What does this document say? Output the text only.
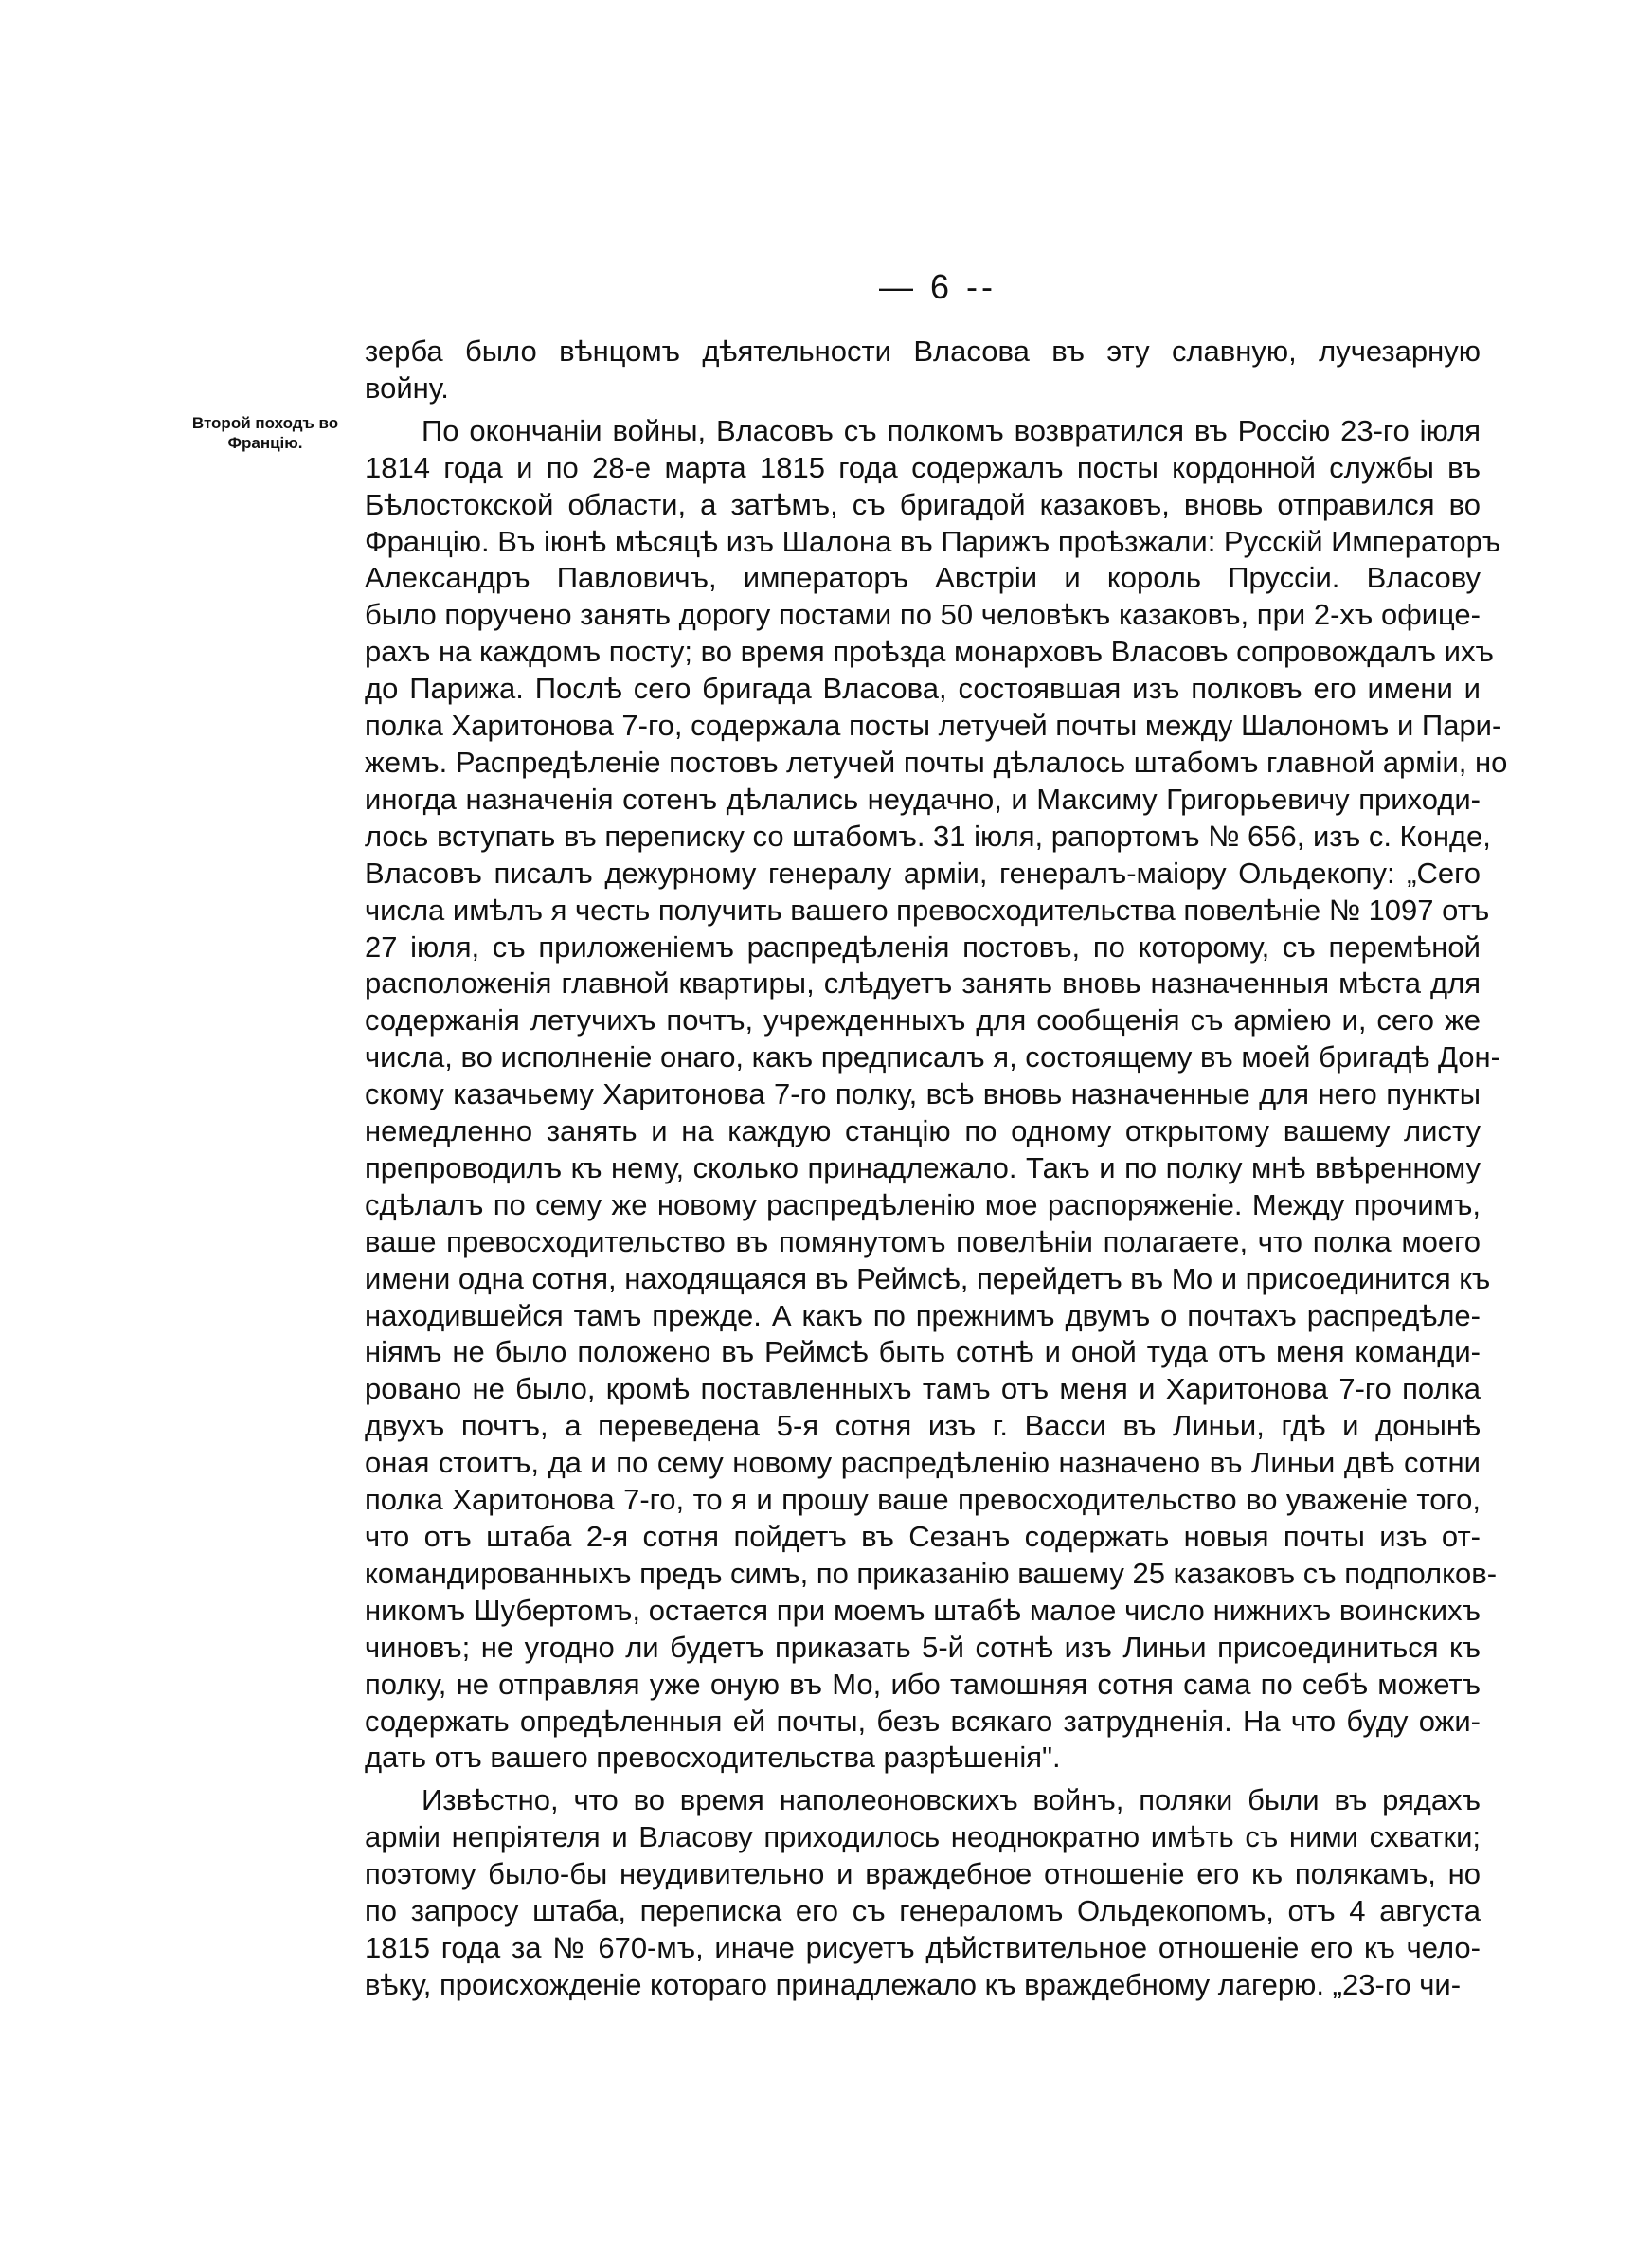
— 6 --
Второй походъ во
Францію.
зерба было вѣнцомъ дѣятельности Власова въ эту славную, лучезарную
войну.
По окончаніи войны, Власовъ съ полкомъ возвратился въ Россію 23-го іюля
1814 года и по 28-е марта 1815 года содержалъ посты кордонной службы въ
Бѣлостокской области, а затѣмъ, съ бригадой казаковъ, вновь отправился во
Францію. Въ іюнѣ мѣсяцѣ изъ Шалона въ Парижъ проѣзжали: Русскій Императоръ
Александръ Павловичъ, императоръ Австріи и король Пруссіи. Власову
было поручено занять дорогу постами по 50 человѣкъ казаковъ, при 2-хъ офице-
рахъ на каждомъ посту; во время проѣзда монарховъ Власовъ сопровождалъ ихъ
до Парижа. Послѣ сего бригада Власова, состоявшая изъ полковъ его имени и
полка Харитонова 7-го, содержала посты летучей почты между Шалономъ и Пари-
жемъ. Распредѣленіе постовъ летучей почты дѣлалось штабомъ главной арміи, но
иногда назначенія сотенъ дѣлались неудачно, и Максиму Григорьевичу приходи-
лось вступать въ переписку со штабомъ. 31 іюля, рапортомъ № 656, изъ с. Конде,
Власовъ писалъ дежурному генералу арміи, генералъ-маіору Ольдекопу: „Сего
числа имѣлъ я честь получить вашего превосходительства повелѣніе № 1097 отъ
27 іюля, съ приложеніемъ распредѣленія постовъ, по которому, съ перемѣной
расположенія главной квартиры, слѣдуетъ занять вновь назначенныя мѣста для
содержанія летучихъ почтъ, учрежденныхъ для сообщенія съ арміею и, сего же
числа, во исполненіе онаго, какъ предписалъ я, состоящему въ моей бригадѣ Дон-
скому казачьему Харитонова 7-го полку, всѣ вновь назначенные для него пункты
немедленно занять и на каждую станцію по одному открытому вашему листу
препроводилъ къ нему, сколько принадлежало. Такъ и по полку мнѣ ввѣренному
сдѣлалъ по сему же новому распредѣленію мое распоряженіе. Между прочимъ,
ваше превосходительство въ помянутомъ повелѣніи полагаете, что полка моего
имени одна сотня, находящаяся въ Реймсѣ, перейдетъ въ Мо и присоединится къ
находившейся тамъ прежде. А какъ по прежнимъ двумъ о почтахъ распредѣле-
ніямъ не было положено въ Реймсѣ быть сотнѣ и оной туда отъ меня команди-
ровано не было, кромѣ поставленныхъ тамъ отъ меня и Харитонова 7-го полка
двухъ почтъ, а переведена 5-я сотня изъ г. Васси въ Линьи, гдѣ и донынѣ
оная стоитъ, да и по сему новому распредѣленію назначено въ Линьи двѣ сотни
полка Харитонова 7-го, то я и прошу ваше превосходительство во уваженіе того,
что отъ штаба 2-я сотня пойдетъ въ Сезанъ содержать новыя почты изъ от-
командированныхъ предъ симъ, по приказанію вашему 25 казаковъ съ подполков-
никомъ Шубертомъ, остается при моемъ штабѣ малое число нижнихъ воинскихъ
чиновъ; не угодно ли будетъ приказать 5-й сотнѣ изъ Линьи присоединиться къ
полку, не отправляя уже оную въ Мо, ибо тамошняя сотня сама по себѣ можетъ
содержать опредѣленныя ей почты, безъ всякаго затрудненія. На что буду ожи-
дать отъ вашего превосходительства разрѣшенія".
Извѣстно, что во время наполеоновскихъ войнъ, поляки были въ рядахъ
арміи непріятеля и Власову приходилось неоднократно имѣть съ ними схватки;
поэтому было-бы неудивительно и враждебное отношеніе его къ полякамъ, но
по запросу штаба, переписка его съ генераломъ Ольдекопомъ, отъ 4 августа
1815 года за № 670-мъ, иначе рисуетъ дѣйствительное отношеніе его къ чело-
вѣку, происхожденіе котораго принадлежало къ враждебному лагерю. „23-го чи-
